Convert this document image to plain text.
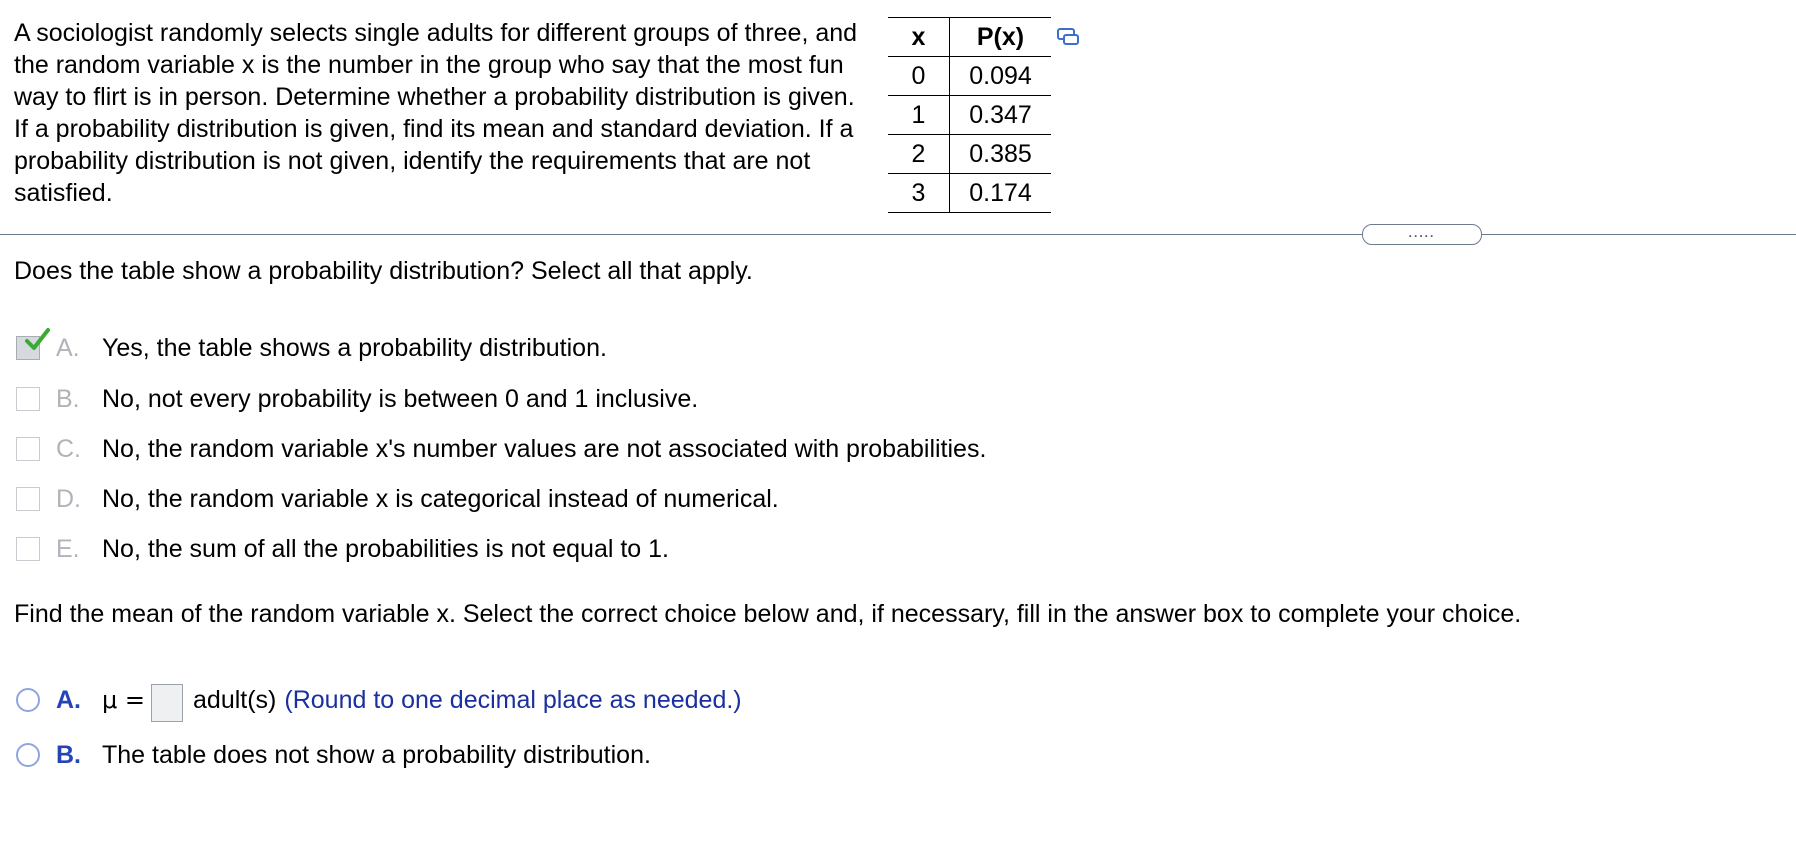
A sociologist randomly selects single adults for different groups of three, and the random variable x is the number in the group who say that the most fun way to flirt is in person. Determine whether a probability distribution is given. If a probability distribution is given, find its mean and standard deviation. If a probability distribution is not given, identify the requirements that are not satisfied.
x	P(x)
0	0.094
1	0.347
2	0.385
3	0.174
.....
Does the table show a probability distribution? Select all that apply.
A. Yes, the table shows a probability distribution.
B. No, not every probability is between 0 and 1 inclusive.
C. No, the random variable x's number values are not associated with probabilities.
D. No, the random variable x is categorical instead of numerical.
E. No, the sum of all the probabilities is not equal to 1.
Find the mean of the random variable x. Select the correct choice below and, if necessary, fill in the answer box to complete your choice.
A. μ = adult(s) (Round to one decimal place as needed.)
B. The table does not show a probability distribution.
